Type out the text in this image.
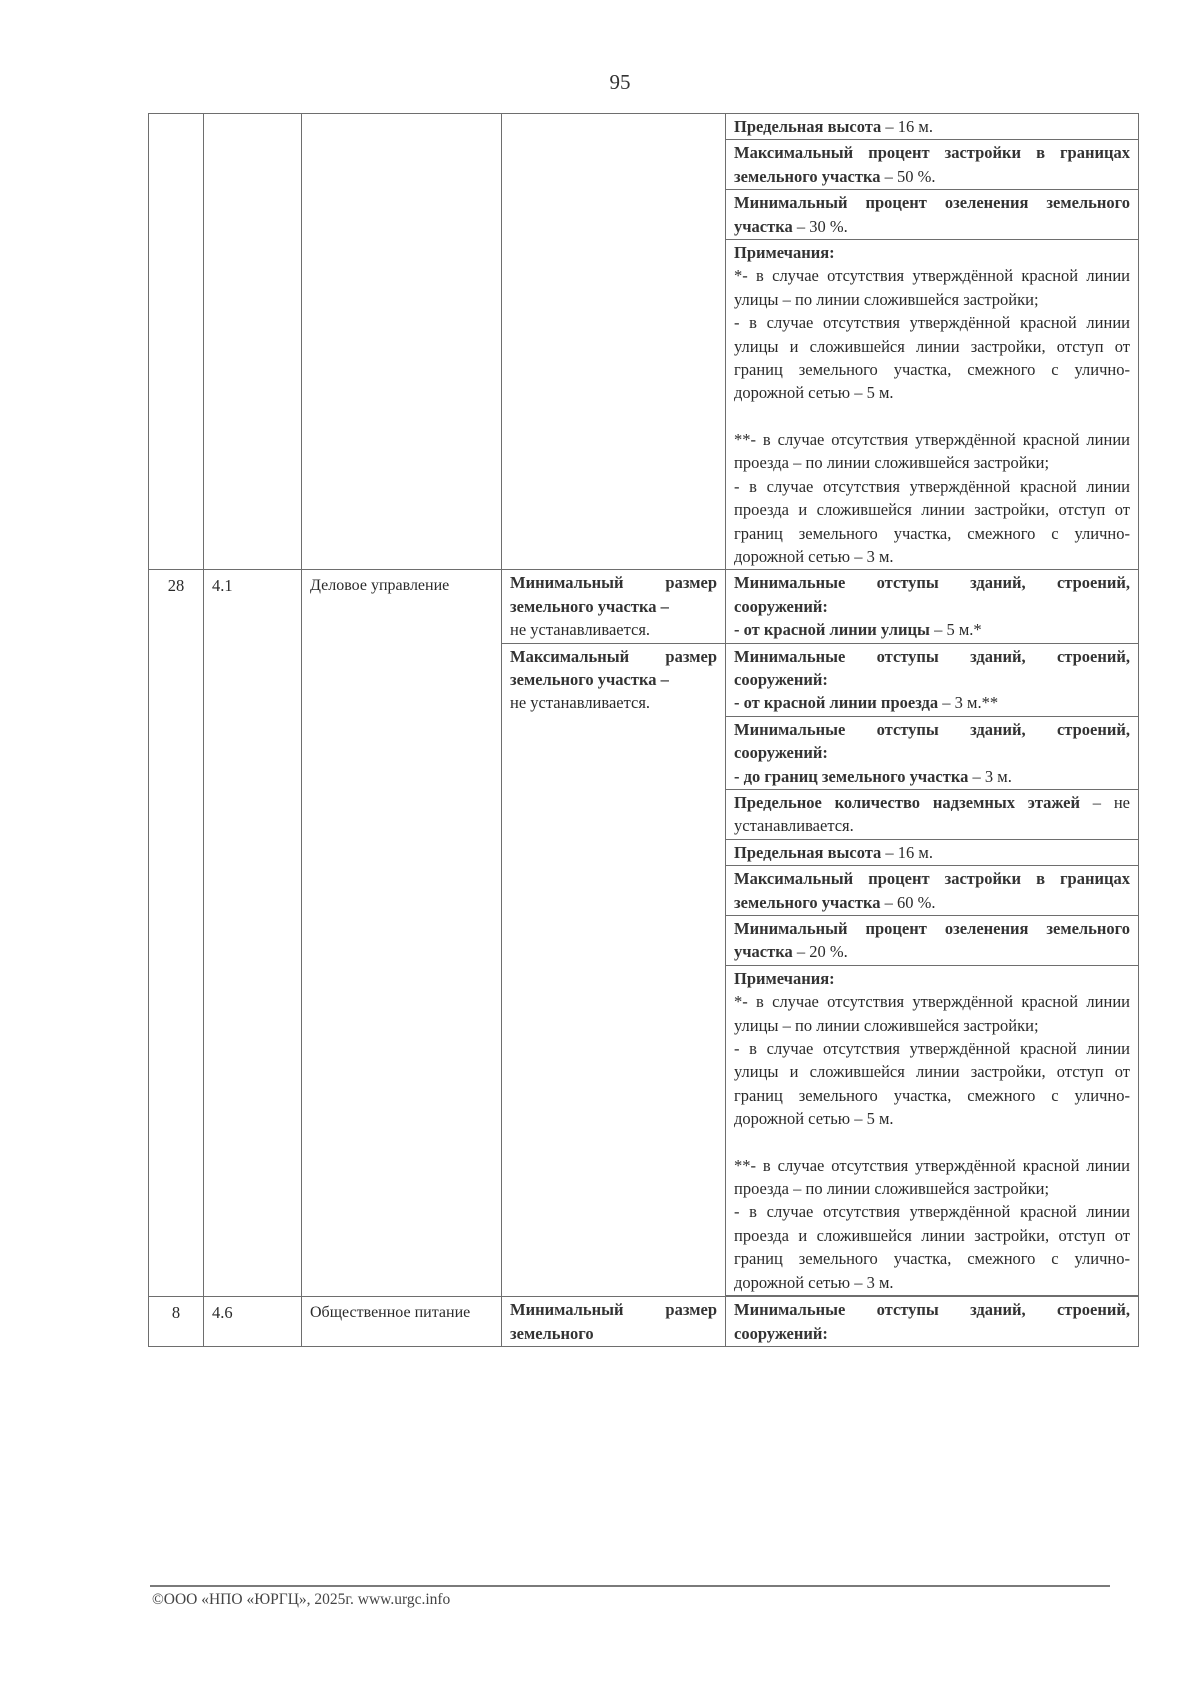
95
				Предельная высота – 16 м.
				Максимальный процент застройки в границах земельного участка – 50 %.
				Минимальный процент озеленения земельного участка – 30 %.
				Примечания:
*- в случае отсутствия утверждённой красной линии улицы – по линии сложившейся застройки;
- в случае отсутствия утверждённой красной линии улицы и сложившейся линии застройки, отступ от границ земельного участка, смежного с улично-дорожной сетью – 5 м.
**- в случае отсутствия утверждённой красной линии проезда – по линии сложившейся застройки;
- в случае отсутствия утверждённой красной линии проезда и сложившейся линии застройки, отступ от границ земельного участка, смежного с улично-дорожной сетью – 3 м.

28	4.1	Деловое управление	Минимальный размер земельного участка –
не устанавливается.	Минимальные отступы зданий, строений, сооружений:
- от красной линии улицы – 5 м.*
			Максимальный размер земельного участка –
не устанавливается.	Минимальные отступы зданий, строений, сооружений:
- от красной линии проезда – 3 м.**
				Минимальные отступы зданий, строений, сооружений:
- до границ земельного участка – 3 м.
				Предельное количество надземных этажей – не устанавливается.
				Предельная высота – 16 м.
				Максимальный процент застройки в границах земельного участка – 60 %.
				Минимальный процент озеленения земельного участка – 20 %.
				Примечания:
*- в случае отсутствия утверждённой красной линии улицы – по линии сложившейся застройки;
- в случае отсутствия утверждённой красной линии улицы и сложившейся линии застройки, отступ от границ земельного участка, смежного с улично-дорожной сетью – 5 м.
**- в случае отсутствия утверждённой красной линии проезда – по линии сложившейся застройки;
- в случае отсутствия утверждённой красной линии проезда и сложившейся линии застройки, отступ от границ земельного участка, смежного с улично-дорожной сетью – 3 м.

8	4.6	Общественное питание	Минимальный размер земельного	Минимальные отступы зданий, строений, сооружений:
©ООО «НПО «ЮРГЦ», 2025г. www.urgc.info
